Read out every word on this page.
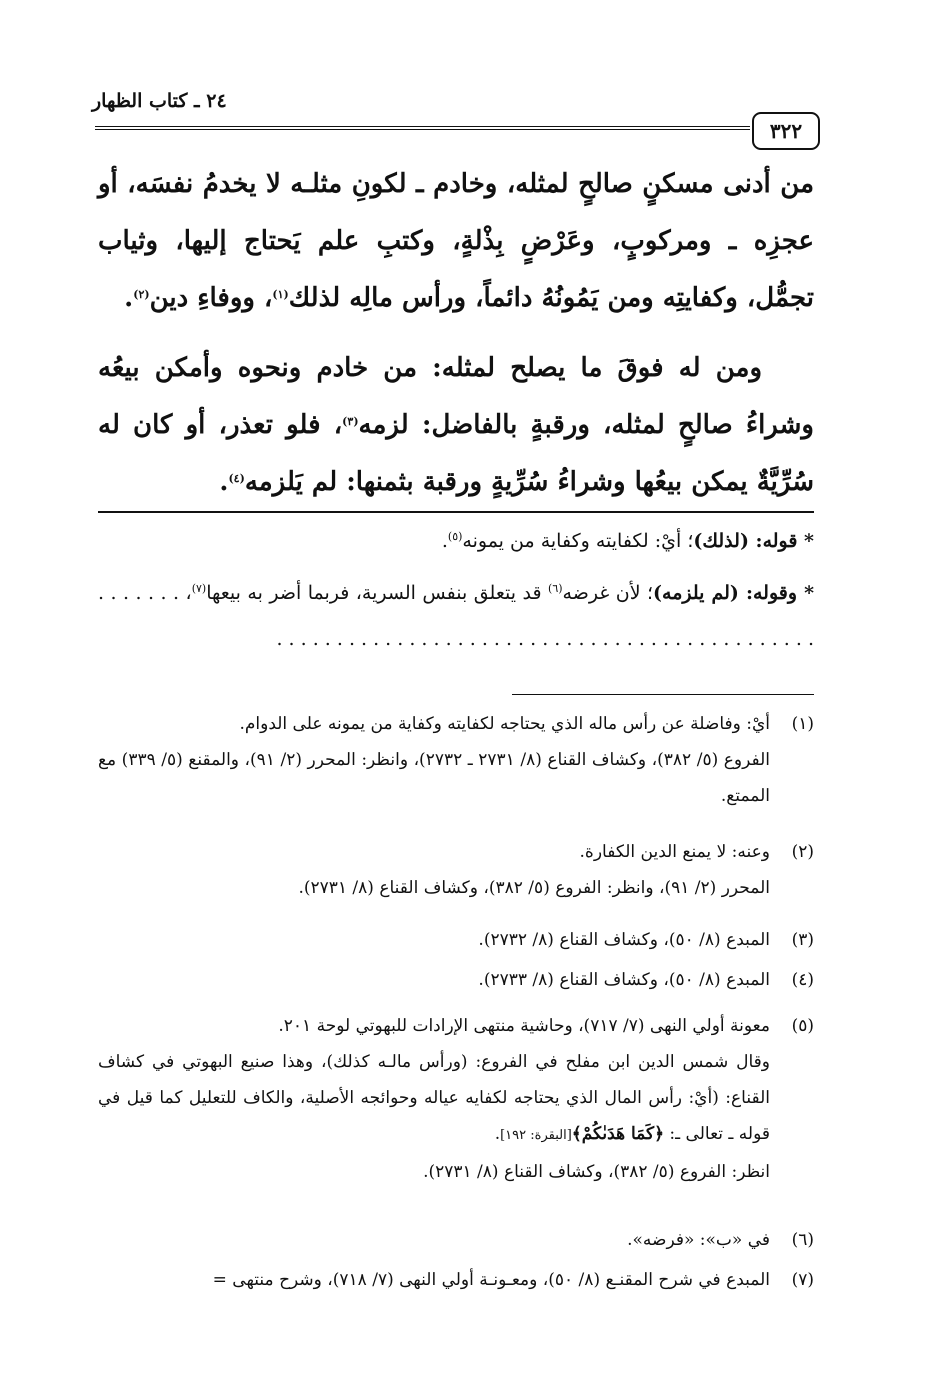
٢٤ ـ كتاب الظهار
٣٢٢

من أدنى مسكنٍ صالحٍ لمثله، وخادم ـ لكونِ مثلـه لا يخدمُ نفسَه، أو عجزِه ـ ومركوبٍ، وعَرْضٍ بِذْلةٍ، وكتبِ علم يَحتاج إليها، وثياب تجمُّل، وكفايتِه ومن يَمُونُهُ دائماً، ورأس مالِه لذلك$^{(١)}$، ووفاءِ دين$^{(٢)}$.

ومن له فوقَ ما يصلح لمثله: من خادم ونحوه وأمكن بيعُه وشراءُ صالحٍ لمثله، ورقبةٍ بالفاضل: لزمه$^{(٣)}$، فلو تعذر، أو كان له سُرِّيَّةٌ يمكن بيعُها وشراءُ سُرِّيةٍ ورقبة بثمنها: لم يَلزمه$^{(٤)}$.

* قوله: (لذلك)؛ أيْ: لكفايته وكفاية من يمونه$^{(٥)}$.

* وقوله: (لم يلزمه)؛ لأن غرضه$^{(٦)}$ قد يتعلق بنفس السرية، فربما أضر به بيعها$^{(٧)}$، . . . . . . . . . . . . . . . . . . . . . . . . . . . . . . . . . . . . . . . . . . . . . . . . . . . .

(١)أيْ: وفاضلة عن رأس ماله الذي يحتاجه لكفايته وكفاية من يمونه على الدوام.

الفروع (٥/ ٣٨٢)، وكشاف القناع (٨/ ٢٧٣١ ـ ٢٧٣٢)، وانظر: المحرر (٢/ ٩١)، والمقنع (٥/ ٣٣٩) مع الممتع.

(٢)وعنه: لا يمنع الدين الكفارة.

المحرر (٢/ ٩١)، وانظر: الفروع (٥/ ٣٨٢)، وكشاف القناع (٨/ ٢٧٣١).

(٣)المبدع (٨/ ٥٠)، وكشاف القناع (٨/ ٢٧٣٢).

(٤)المبدع (٨/ ٥٠)، وكشاف القناع (٨/ ٢٧٣٣).

(٥)معونة أولي النهى (٧/ ٧١٧)، وحاشية منتهى الإرادات للبهوتي لوحة ٢٠١.

وقال شمس الدين ابن مفلح في الفروع: (ورأس مالـه كذلك)، وهذا صنيع البهوتي في كشاف القناع: (أيْ: رأس المال الذي يحتاجه لكفايه عياله وحوائجه الأصلية، والكاف للتعليل كما قيل في قوله ـ تعالى ـ: ﴿كَمَا هَدَىٰكُمْ﴾[البقرة: ١٩٢].

انظر: الفروع (٥/ ٣٨٢)، وكشاف القناع (٨/ ٢٧٣١).

(٦)في «ب»: «فرضه».

(٧)المبدع في شرح المقنـع (٨/ ٥٠)، ومعـونـة أولي النهى (٧/ ٧١٨)، وشرح منتهى =
